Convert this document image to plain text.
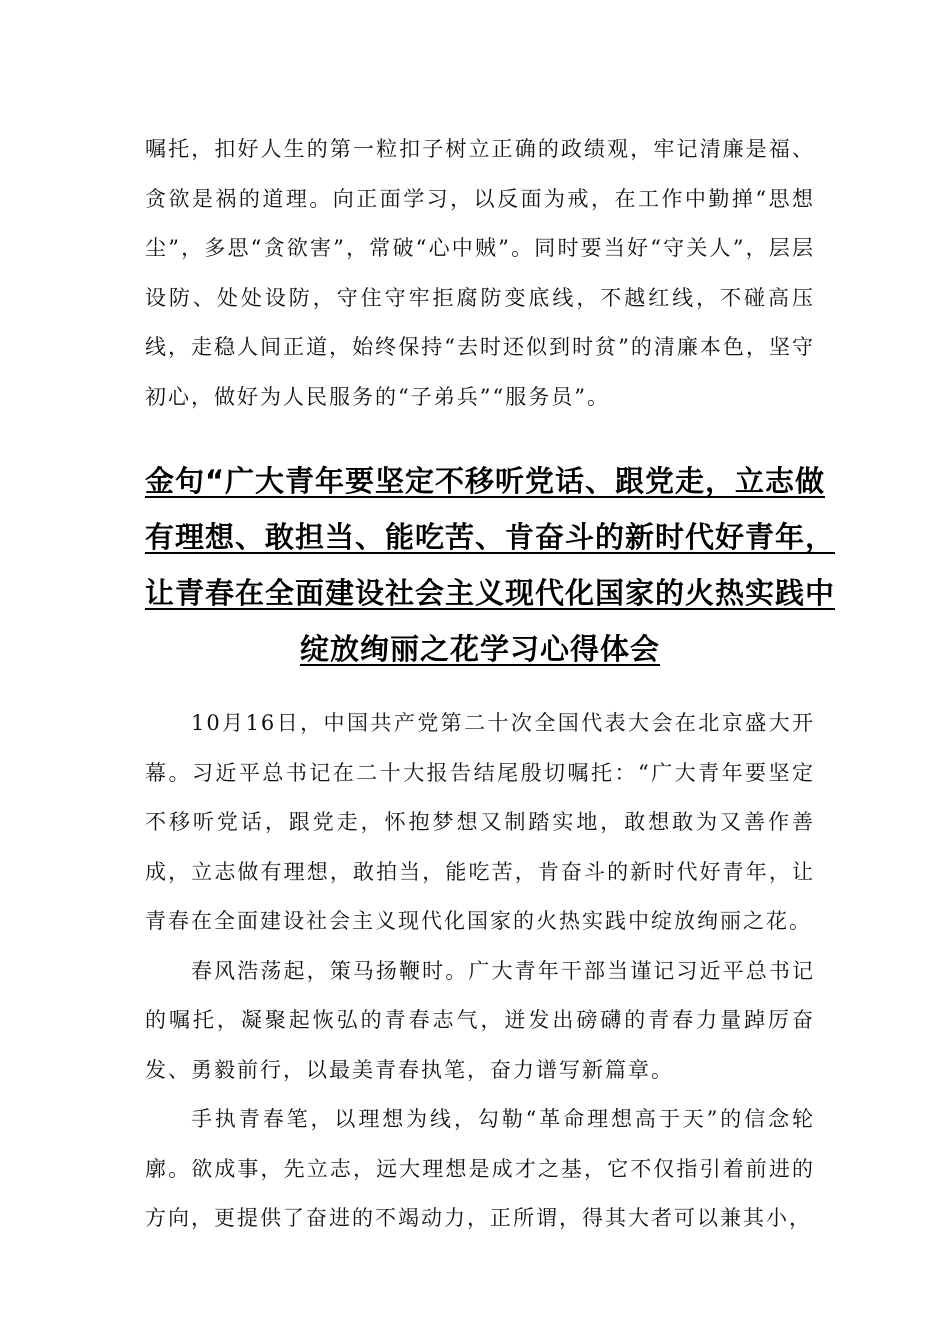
嘱托，扣好人生的第一粒扣子树立正确的政绩观，牢记清廉是福、贪欲是祸的道理。向正面学习，以反面为戒，在工作中勤掸“思想尘”，多思“贪欲害”，常破“心中贼”。同时要当好“守关人”，层层设防、处处设防，守住守牢拒腐防变底线，不越红线，不碰高压线，走稳人间正道，始终保持“去时还似到时贫”的清廉本色，坚守初心，做好为人民服务的“子弟兵”“服务员”。

金句“广大青年要坚定不移听党话、跟党走，立志做
有理想、敢担当、能吃苦、肯奋斗的新时代好青年，
让青春在全面建设社会主义现代化国家的火热实践中
绽放绚丽之花学习心得体会

10月16日，中国共产党第二十次全国代表大会在北京盛大开幕。习近平总书记在二十大报告结尾殷切嘱托：“广大青年要坚定不移听党话，跟党走，怀抱梦想又制踏实地，敢想敢为又善作善成，立志做有理想，敢拍当，能吃苦，肯奋斗的新时代好青年，让青春在全面建设社会主义现代化国家的火热实践中绽放绚丽之花。

春风浩荡起，策马扬鞭时。广大青年干部当谨记习近平总书记的嘱托，凝聚起恢弘的青春志气，迸发出磅礴的青春力量踔厉奋发、勇毅前行，以最美青春执笔，奋力谱写新篇章。

手执青春笔，以理想为线，勾勒“革命理想高于天”的信念轮廓。欲成事，先立志，远大理想是成才之基，它不仅指引着前进的方向，更提供了奋进的不竭动力，正所谓，得其大者可以兼其小，
